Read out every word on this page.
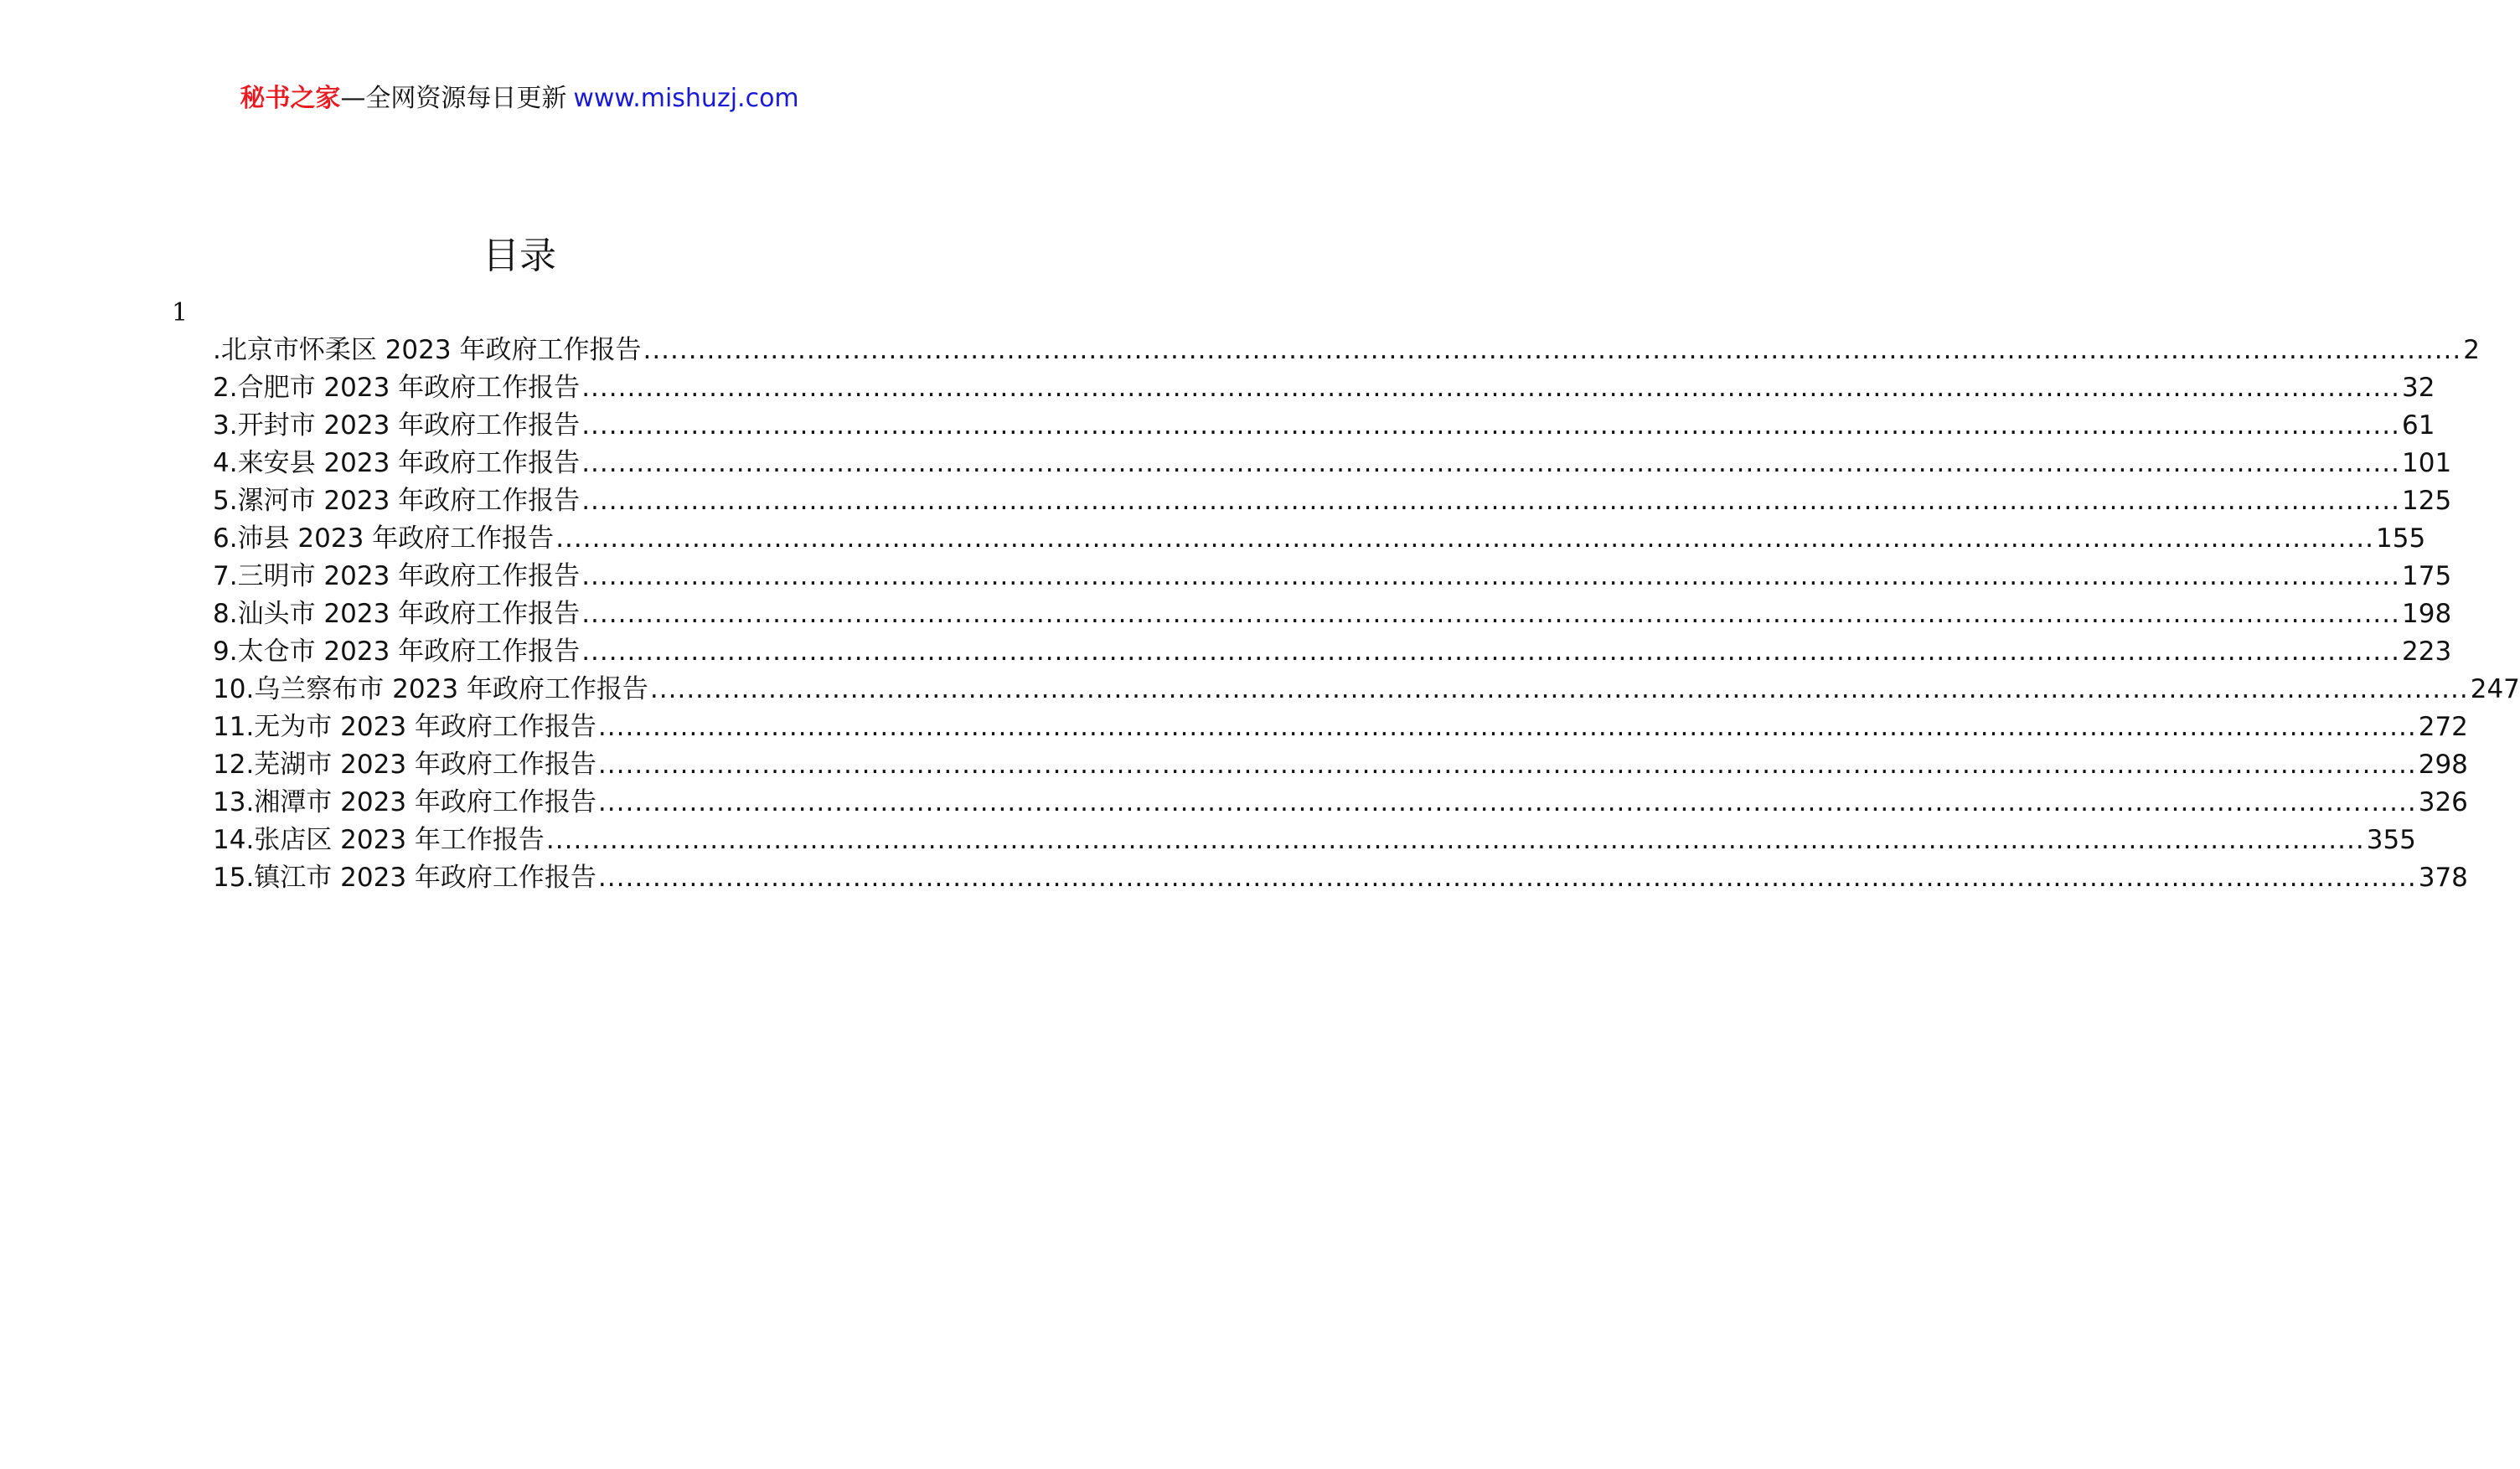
秘书之家—全网资源每日更新 www.mishuzj.com
目录
1
.北京市怀柔区 2023 年政府工作报告 ........................................................................................................................................................................................................ 2
2.合肥市 2023 年政府工作报告 ........................................................................................................................................................................................................ 32
3.开封市 2023 年政府工作报告 ........................................................................................................................................................................................................ 61
4.来安县 2023 年政府工作报告 ........................................................................................................................................................................................................ 101
5.漯河市 2023 年政府工作报告 ........................................................................................................................................................................................................ 125
6.沛县 2023 年政府工作报告 ........................................................................................................................................................................................................ 155
7.三明市 2023 年政府工作报告 ........................................................................................................................................................................................................ 175
8.汕头市 2023 年政府工作报告 ........................................................................................................................................................................................................ 198
9.太仓市 2023 年政府工作报告 ........................................................................................................................................................................................................ 223
10.乌兰察布市 2023 年政府工作报告 ........................................................................................................................................................................................................ 247
11.无为市 2023 年政府工作报告 ........................................................................................................................................................................................................ 272
12.芜湖市 2023 年政府工作报告 ........................................................................................................................................................................................................ 298
13.湘潭市 2023 年政府工作报告 ........................................................................................................................................................................................................ 326
14.张店区 2023 年工作报告 ........................................................................................................................................................................................................ 355
15.镇江市 2023 年政府工作报告 ........................................................................................................................................................................................................ 378
